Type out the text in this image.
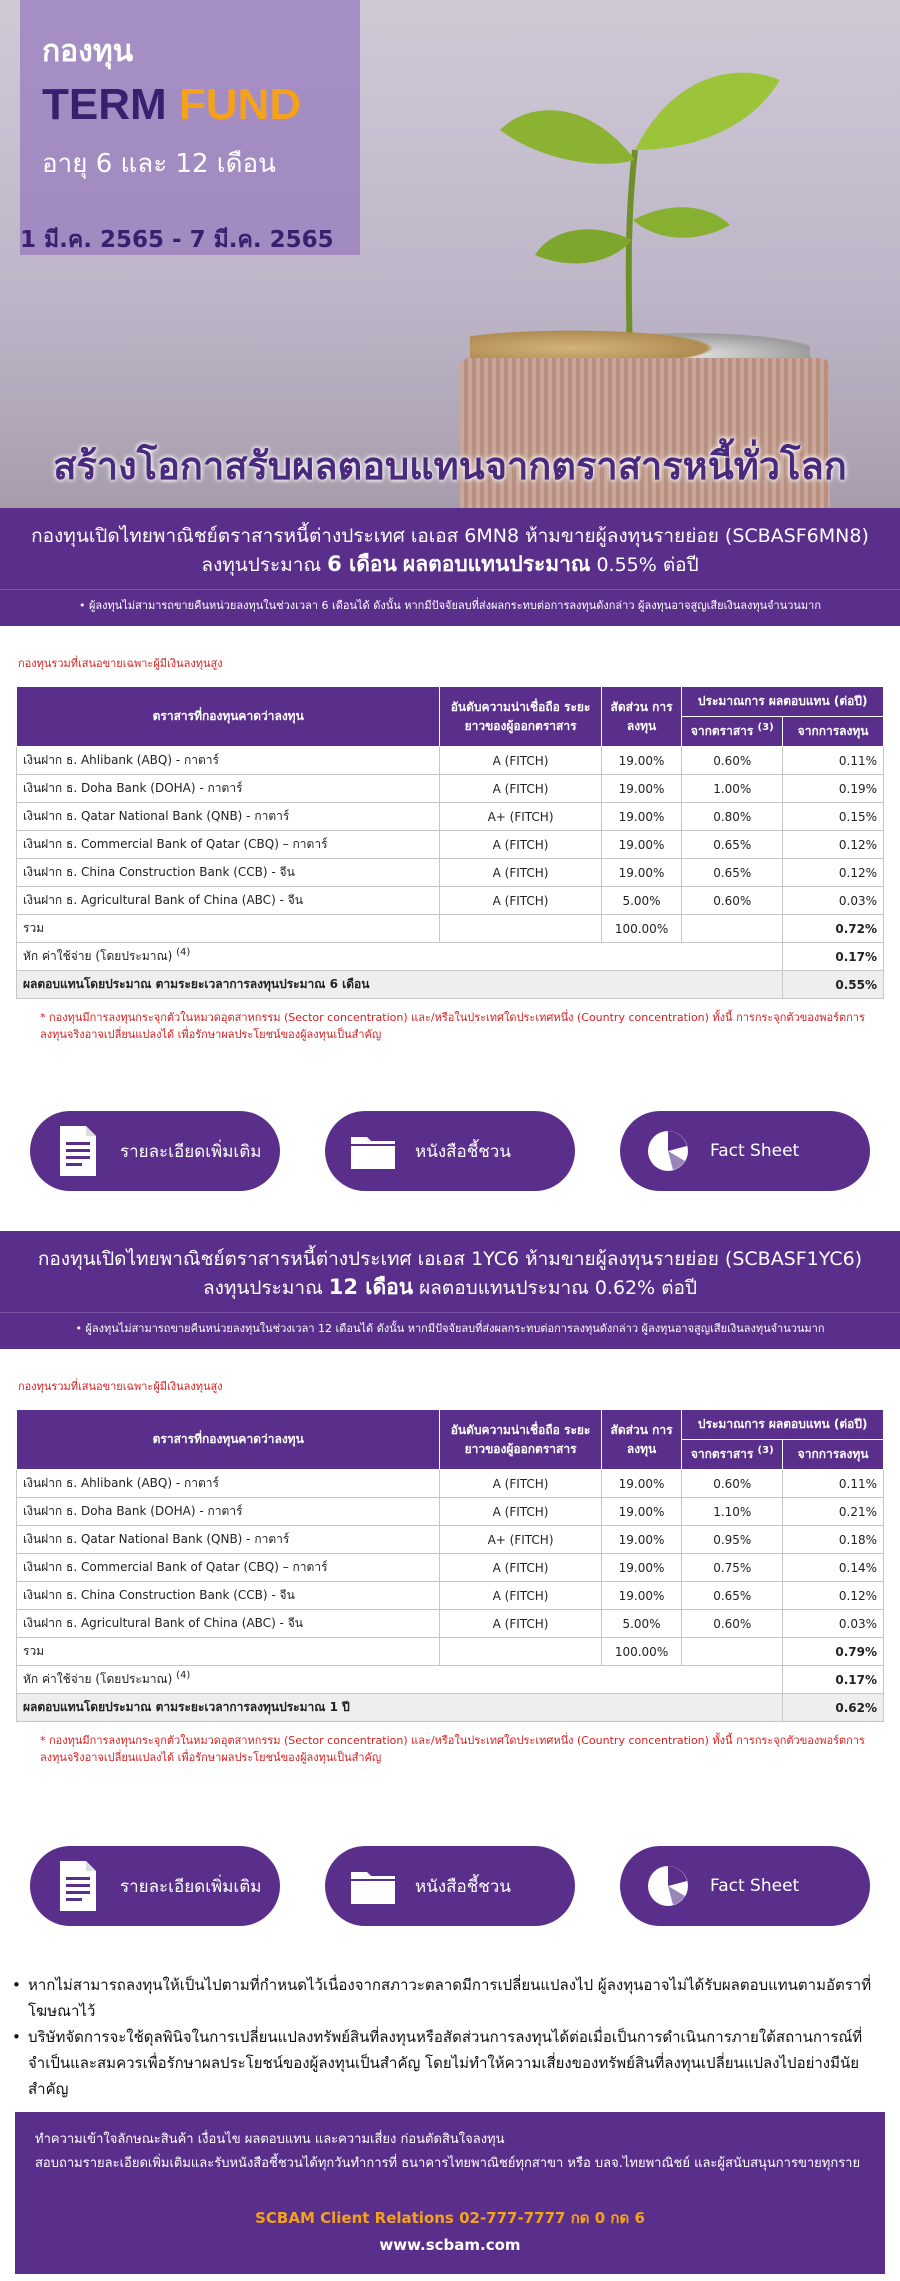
กองทุน
TERM FUND
อายุ 6 และ 12 เดือน
1 มี.ค. 2565 - 7 มี.ค. 2565
สร้างโอกาสรับผลตอบแทนจากตราสารหนี้ทั่วโลก
กองทุนเปิดไทยพาณิชย์ตราสารหนี้ต่างประเทศ เอเอส 6MN8 ห้ามขายผู้ลงทุนรายย่อย (SCBASF6MN8)
ลงทุนประมาณ 6 เดือน ผลตอบแทนประมาณ 0.55% ต่อปี
• ผู้ลงทุนไม่สามารถขายคืนหน่วยลงทุนในช่วงเวลา 6 เดือนได้ ดังนั้น หากมีปัจจัยลบที่ส่งผลกระทบต่อการลงทุนดังกล่าว ผู้ลงทุนอาจสูญเสียเงินลงทุนจำนวนมาก
กองทุนรวมที่เสนอขายเฉพาะผู้มีเงินลงทุนสูง
ตราสารที่กองทุนคาดว่าลงทุน	อันดับความน่าเชื่อถือ ระยะยาวของผู้ออกตราสาร	สัดส่วน การลงทุน	ประมาณการ ผลตอบแทน (ต่อปี)	
			จากตราสาร $^{(3)}$	จากการลงทุน
เงินฝาก ธ. Ahlibank (ABQ) - กาตาร์	A (FITCH)	19.00%	0.60%	0.11%
เงินฝาก ธ. Doha Bank (DOHA) - กาตาร์	A (FITCH)	19.00%	1.00%	0.19%
เงินฝาก ธ. Qatar National Bank (QNB) - กาตาร์	A+ (FITCH)	19.00%	0.80%	0.15%
เงินฝาก ธ. Commercial Bank of Qatar (CBQ) – กาตาร์	A (FITCH)	19.00%	0.65%	0.12%
เงินฝาก ธ. China Construction Bank (CCB) - จีน	A (FITCH)	19.00%	0.65%	0.12%
เงินฝาก ธ. Agricultural Bank of China (ABC) - จีน	A (FITCH)	5.00%	0.60%	0.03%
รวม		100.00%		0.72%
หัก ค่าใช้จ่าย (โดยประมาณ) $^{(4)}$				0.17%
ผลตอบแทนโดยประมาณ ตามระยะเวลาการลงทุนประมาณ 6 เดือน				0.55%
* กองทุนมีการลงทุนกระจุกตัวในหมวดอุตสาหกรรม (Sector concentration) และ/หรือในประเทศใดประเทศหนึ่ง (Country concentration) ทั้งนี้ การกระจุกตัวของพอร์ตการลงทุนจริงอาจเปลี่ยนแปลงได้ เพื่อรักษาผลประโยชน์ของผู้ลงทุนเป็นสำคัญ
รายละเอียดเพิ่มเติม	หนังสือชี้ชวน	Fact Sheet
กองทุนเปิดไทยพาณิชย์ตราสารหนี้ต่างประเทศ เอเอส 1YC6 ห้ามขายผู้ลงทุนรายย่อย (SCBASF1YC6)
ลงทุนประมาณ 12 เดือน ผลตอบแทนประมาณ 0.62% ต่อปี
• ผู้ลงทุนไม่สามารถขายคืนหน่วยลงทุนในช่วงเวลา 12 เดือนได้ ดังนั้น หากมีปัจจัยลบที่ส่งผลกระทบต่อการลงทุนดังกล่าว ผู้ลงทุนอาจสูญเสียเงินลงทุนจำนวนมาก
กองทุนรวมที่เสนอขายเฉพาะผู้มีเงินลงทุนสูง
ตราสารที่กองทุนคาดว่าลงทุน	อันดับความน่าเชื่อถือ ระยะยาวของผู้ออกตราสาร	สัดส่วน การลงทุน	ประมาณการ ผลตอบแทน (ต่อปี)	
			จากตราสาร $^{(3)}$	จากการลงทุน
เงินฝาก ธ. Ahlibank (ABQ) - กาตาร์	A (FITCH)	19.00%	0.60%	0.11%
เงินฝาก ธ. Doha Bank (DOHA) - กาตาร์	A (FITCH)	19.00%	1.10%	0.21%
เงินฝาก ธ. Qatar National Bank (QNB) - กาตาร์	A+ (FITCH)	19.00%	0.95%	0.18%
เงินฝาก ธ. Commercial Bank of Qatar (CBQ) – กาตาร์	A (FITCH)	19.00%	0.75%	0.14%
เงินฝาก ธ. China Construction Bank (CCB) - จีน	A (FITCH)	19.00%	0.65%	0.12%
เงินฝาก ธ. Agricultural Bank of China (ABC) - จีน	A (FITCH)	5.00%	0.60%	0.03%
รวม		100.00%		0.79%
หัก ค่าใช้จ่าย (โดยประมาณ) $^{(4)}$				0.17%
ผลตอบแทนโดยประมาณ ตามระยะเวลาการลงทุนประมาณ 1 ปี				0.62%
* กองทุนมีการลงทุนกระจุกตัวในหมวดอุตสาหกรรม (Sector concentration) และ/หรือในประเทศใดประเทศหนึ่ง (Country concentration) ทั้งนี้ การกระจุกตัวของพอร์ตการลงทุนจริงอาจเปลี่ยนแปลงได้ เพื่อรักษาผลประโยชน์ของผู้ลงทุนเป็นสำคัญ
รายละเอียดเพิ่มเติม	หนังสือชี้ชวน	Fact Sheet
• หากไม่สามารถลงทุนให้เป็นไปตามที่กำหนดไว้เนื่องจากสภาวะตลาดมีการเปลี่ยนแปลงไป ผู้ลงทุนอาจไม่ได้รับผลตอบแทนตามอัตราที่โฆษณาไว้
• บริษัทจัดการจะใช้ดุลพินิจในการเปลี่ยนแปลงทรัพย์สินที่ลงทุนหรือสัดส่วนการลงทุนได้ต่อเมื่อเป็นการดำเนินการภายใต้สถานการณ์ที่จำเป็นและสมควรเพื่อรักษาผลประโยชน์ของผู้ลงทุนเป็นสำคัญ โดยไม่ทำให้ความเสี่ยงของทรัพย์สินที่ลงทุนเปลี่ยนแปลงไปอย่างมีนัยสำคัญ
ทำความเข้าใจลักษณะสินค้า เงื่อนไข ผลตอบแทน และความเสี่ยง ก่อนตัดสินใจลงทุน
สอบถามรายละเอียดเพิ่มเติมและรับหนังสือชี้ชวนได้ทุกวันทำการที่ ธนาคารไทยพาณิชย์ทุกสาขา หรือ บลจ.ไทยพาณิชย์ และผู้สนับสนุนการขายทุกราย
SCBAM Client Relations 02-777-7777 กด 0 กด 6
www.scbam.com
